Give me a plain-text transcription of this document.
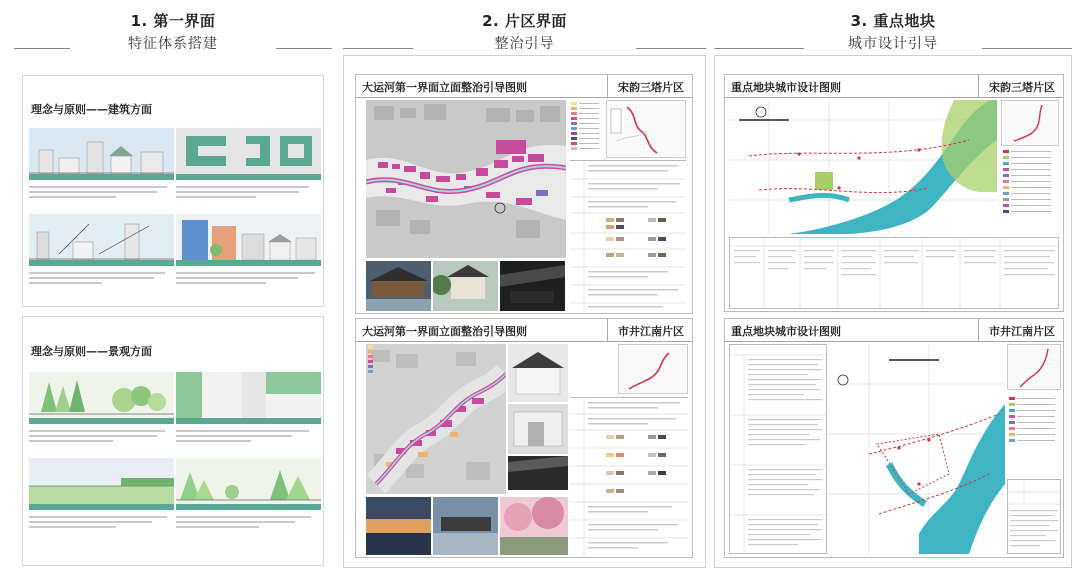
1. 第一界面
特征体系搭建
理念与原则——建筑方面
理念与原则——景观方面
2. 片区界面
整治引导
大运河第一界面立面整治引导图则	宋韵三塔片区
大运河第一界面立面整治引导图则	市井江南片区
3. 重点地块
城市设计引导
重点地块城市设计图则	宋韵三塔片区
重点地块城市设计图则	市井江南片区
